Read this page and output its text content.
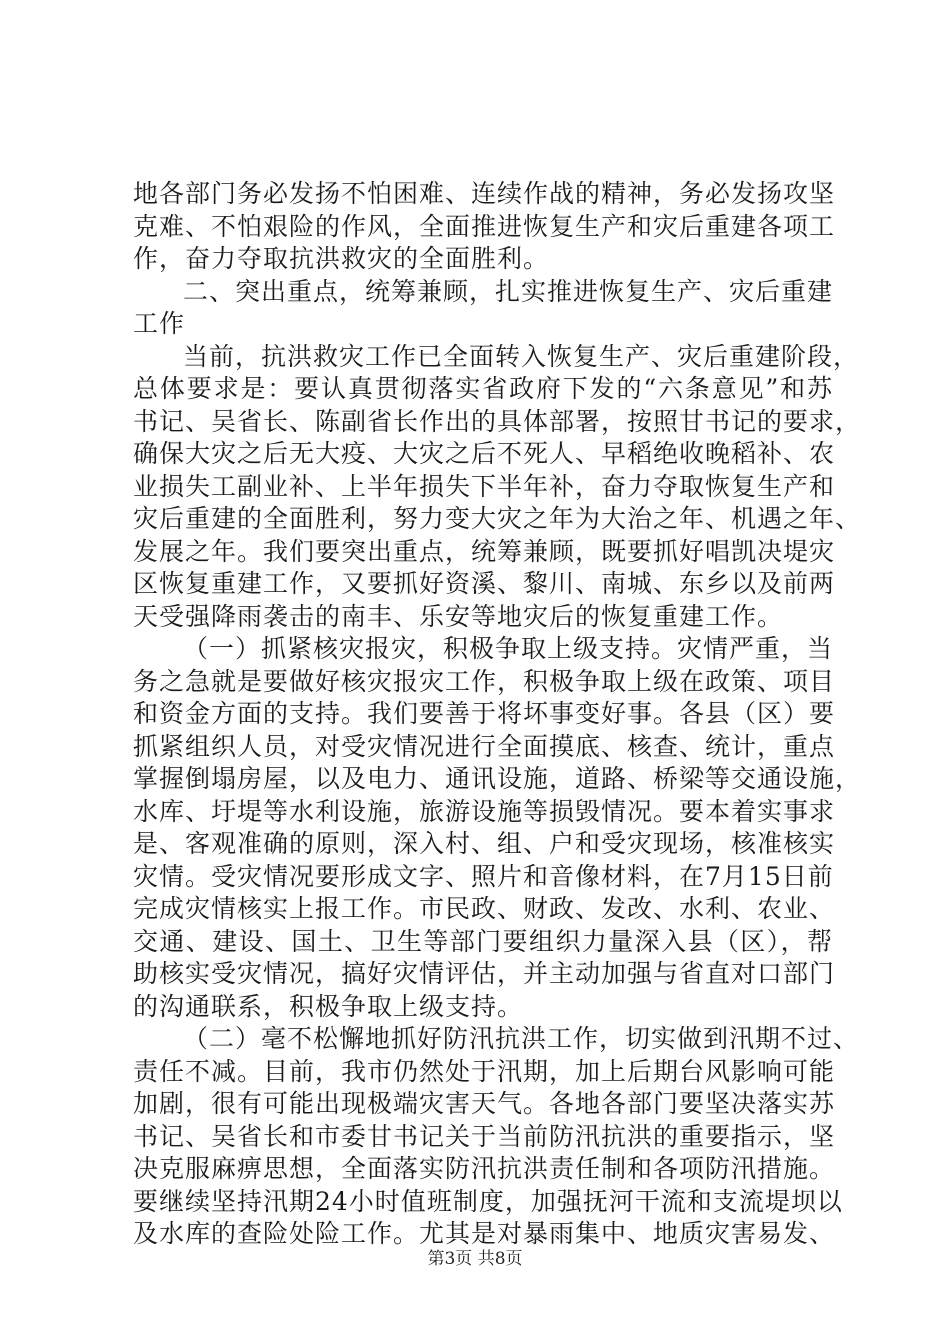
地各部门务必发扬不怕困难、连续作战的精神，务必发扬攻坚
克难、不怕艰险的作风，全面推进恢复生产和灾后重建各项工
作，奋力夺取抗洪救灾的全面胜利。
二、突出重点，统筹兼顾，扎实推进恢复生产、灾后重建
工作
当前，抗洪救灾工作已全面转入恢复生产、灾后重建阶段，
总体要求是：要认真贯彻落实省政府下发的“六条意见”和苏
书记、吴省长、陈副省长作出的具体部署，按照甘书记的要求，
确保大灾之后无大疫、大灾之后不死人、早稻绝收晚稻补、农
业损失工副业补、上半年损失下半年补，奋力夺取恢复生产和
灾后重建的全面胜利，努力变大灾之年为大治之年、机遇之年、
发展之年。我们要突出重点，统筹兼顾，既要抓好唱凯决堤灾
区恢复重建工作，又要抓好资溪、黎川、南城、东乡以及前两
天受强降雨袭击的南丰、乐安等地灾后的恢复重建工作。
（一）抓紧核灾报灾，积极争取上级支持。灾情严重，当
务之急就是要做好核灾报灾工作，积极争取上级在政策、项目
和资金方面的支持。我们要善于将坏事变好事。各县（区）要
抓紧组织人员，对受灾情况进行全面摸底、核查、统计，重点
掌握倒塌房屋，以及电力、通讯设施，道路、桥梁等交通设施，
水库、圩堤等水利设施，旅游设施等损毁情况。要本着实事求
是、客观准确的原则，深入村、组、户和受灾现场，核准核实
灾情。受灾情况要形成文字、照片和音像材料，在7月15日前
完成灾情核实上报工作。市民政、财政、发改、水利、农业、
交通、建设、国土、卫生等部门要组织力量深入县（区），帮
助核实受灾情况，搞好灾情评估，并主动加强与省直对口部门
的沟通联系，积极争取上级支持。
（二）毫不松懈地抓好防汛抗洪工作，切实做到汛期不过、
责任不减。目前，我市仍然处于汛期，加上后期台风影响可能
加剧，很有可能出现极端灾害天气。各地各部门要坚决落实苏
书记、吴省长和市委甘书记关于当前防汛抗洪的重要指示，坚
决克服麻痹思想，全面落实防汛抗洪责任制和各项防汛措施。
要继续坚持汛期24小时值班制度，加强抚河干流和支流堤坝以
及水库的查险处险工作。尤其是对暴雨集中、地质灾害易发、
第3页 共8页
